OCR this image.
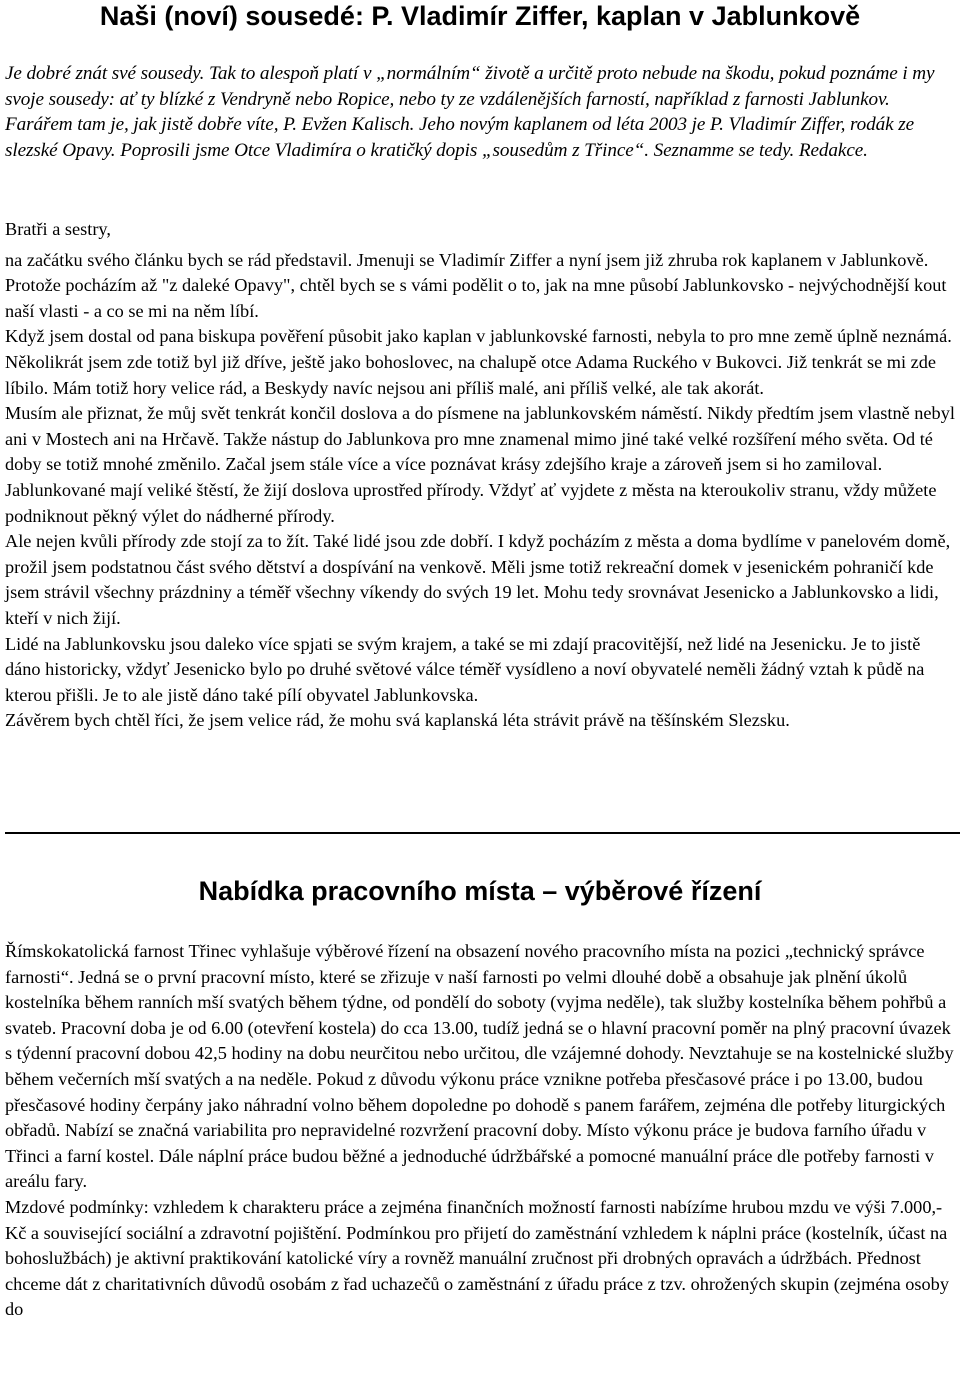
Naši (noví) sousedé: P. Vladimír Ziffer, kaplan v Jablunkově

Je dobré znát své sousedy. Tak to alespoň platí v „normálním“ životě a určitě proto nebude na škodu, pokud poznáme i my svoje sousedy: ať ty blízké z Vendryně nebo Ropice, nebo ty ze vzdálenějších farností, například z farnosti Jablunkov. Farářem tam je, jak jistě dobře víte, P. Evžen Kalisch. Jeho novým kaplanem od léta 2003 je P. Vladimír Ziffer, rodák ze slezské Opavy. Poprosili jsme Otce Vladimíra o kratičký dopis „sousedům z Třince“. Seznamme se tedy. Redakce.

Bratři a sestry,

na začátku svého článku bych se rád představil. Jmenuji se Vladimír Ziffer a nyní jsem již zhruba rok kaplanem v Jablunkově. Protože pocházím až "z daleké Opavy", chtěl bych se s vámi podělit o to, jak na mne působí Jablunkovsko - nejvýchodnější kout naší vlasti - a co se mi na něm líbí.

Když jsem dostal od pana biskupa pověření působit jako kaplan v jablunkovské farnosti, nebyla to pro mne země úplně neznámá. Několikrát jsem zde totiž byl již dříve, ještě jako bohoslovec, na chalupě otce Adama Ruckého v Bukovci. Již tenkrát se mi zde líbilo. Mám totiž hory velice rád, a Beskydy navíc nejsou ani příliš malé, ani příliš velké, ale tak akorát.

Musím ale přiznat, že můj svět tenkrát končil doslova a do písmene na jablunkovském náměstí. Nikdy předtím jsem vlastně nebyl ani v Mostech ani na Hrčavě. Takže nástup do Jablunkova pro mne znamenal mimo jiné také velké rozšíření mého světa. Od té doby se totiž mnohé změnilo. Začal jsem stále více a více poznávat krásy zdejšího kraje a zároveň jsem si ho zamiloval.

Jablunkované mají veliké štěstí, že žijí doslova uprostřed přírody. Vždyť ať vyjdete z města na kteroukoliv stranu, vždy můžete podniknout pěkný výlet do nádherné přírody.

Ale nejen kvůli přírody zde stojí za to žít. Také lidé jsou zde dobří. I když pocházím z města a doma bydlíme v panelovém domě, prožil jsem podstatnou část svého dětství a dospívání na venkově. Měli jsme totiž rekreační domek v jesenickém pohraničí kde jsem strávil všechny prázdniny a téměř všechny víkendy do svých 19 let. Mohu tedy srovnávat Jesenicko a Jablunkovsko a lidi, kteří v nich žijí.

Lidé na Jablunkovsku jsou daleko více spjati se svým krajem, a také se mi zdají pracovitější, než lidé na Jesenicku. Je to jistě dáno historicky, vždyť Jesenicko bylo po druhé světové válce téměř vysídleno a noví obyvatelé neměli žádný vztah k půdě na kterou přišli. Je to ale jistě dáno také pílí obyvatel Jablunkovska.

Závěrem bych chtěl říci, že jsem velice rád, že mohu svá kaplanská léta strávit právě na těšínském Slezsku.

Nabídka pracovního místa – výběrové řízení

Římskokatolická farnost Třinec vyhlašuje výběrové řízení na obsazení nového pracovního místa na pozici „technický správce farnosti“. Jedná se o první pracovní místo, které se zřizuje v naší farnosti po velmi dlouhé době a obsahuje jak plnění úkolů kostelníka během ranních mší svatých během týdne, od pondělí do soboty (vyjma neděle), tak služby kostelníka během pohřbů a svateb. Pracovní doba je od 6.00 (otevření kostela) do cca 13.00, tudíž jedná se o hlavní pracovní poměr na plný pracovní úvazek s týdenní pracovní dobou 42,5 hodiny na dobu neurčitou nebo určitou, dle vzájemné dohody. Nevztahuje se na kostelnické služby během večerních mší svatých a na neděle. Pokud z důvodu výkonu práce vznikne potřeba přesčasové práce i po 13.00, budou přesčasové hodiny čerpány jako náhradní volno během dopoledne po dohodě s panem farářem, zejména dle potřeby liturgických obřadů. Nabízí se značná variabilita pro nepravidelné rozvržení pracovní doby. Místo výkonu práce je budova farního úřadu v Třinci a farní kostel. Dále náplní práce budou běžné a jednoduché údržbářské a pomocné manuální práce dle potřeby farnosti v areálu fary.

Mzdové podmínky: vzhledem k charakteru práce a zejména finančních možností farnosti nabízíme hrubou mzdu ve výši 7.000,-Kč a související sociální a zdravotní pojištění. Podmínkou pro přijetí do zaměstnání vzhledem k náplni práce (kostelník, účast na bohoslužbách) je aktivní praktikování katolické víry a rovněž manuální zručnost při drobných opravách a údržbách. Přednost chceme dát z charitativních důvodů osobám z řad uchazečů o zaměstnání z úřadu práce z tzv. ohrožených skupin (zejména osoby do
